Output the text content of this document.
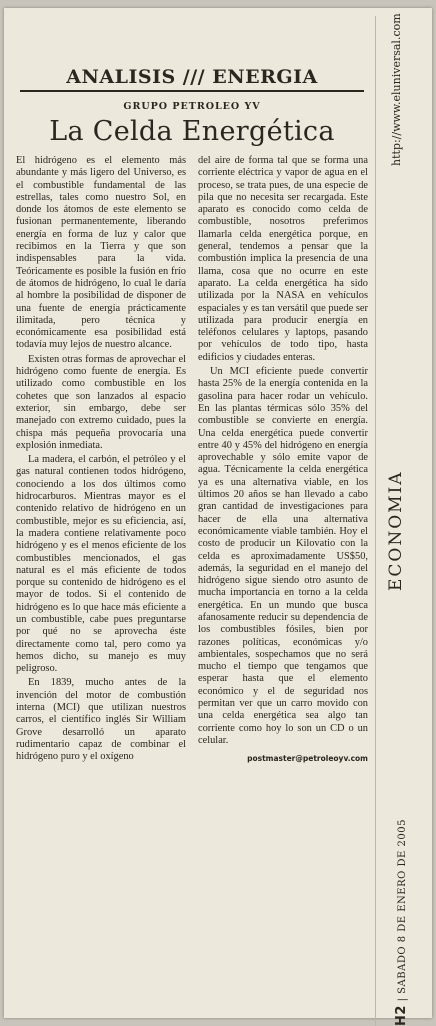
ANALISIS /// ENERGIA
GRUPO PETROLEO YV
La Celda Energética

El hidrógeno es el elemento más abundante y más ligero del Universo, es el combustible fundamental de las estrellas, tales como nuestro Sol, en donde los átomos de este elemento se fusionan permanentemente, liberando energía en forma de luz y calor que recibimos en la Tierra y que son indispensables para la vida. Teóricamente es posible la fusión en frío de átomos de hidrógeno, lo cual le daría al hombre la posibilidad de disponer de una fuente de energía prácticamente ilimitada, pero técnica y económicamente esa posibilidad está todavía muy lejos de nuestro alcance.

Existen otras formas de aprovechar el hidrógeno como fuente de energía. Es utilizado como combustible en los cohetes que son lanzados al espacio exterior, sin embargo, debe ser manejado con extremo cuidado, pues la chispa más pequeña provocaría una explosión inmediata.

La madera, el carbón, el petróleo y el gas natural contienen todos hidrógeno, conociendo a los dos últimos como hidrocarburos. Mientras mayor es el contenido relativo de hidrógeno en un combustible, mejor es su eficiencia, así, la madera contiene relativamente poco hidrógeno y es el menos eficiente de los combustibles mencionados, el gas natural es el más eficiente de todos porque su contenido de hidrógeno es el mayor de todos. Si el contenido de hidrógeno es lo que hace más eficiente a un combustible, cabe pues preguntarse por qué no se aprovecha éste directamente como tal, pero como ya hemos dicho, su manejo es muy peligroso.

En 1839, mucho antes de la invención del motor de combustión interna (MCI) que utilizan nuestros carros, el científico inglés Sir William Grove desarrolló un aparato rudimentario capaz de combinar el hidrógeno puro y el oxígeno

del aire de forma tal que se forma una corriente eléctrica y vapor de agua en el proceso, se trata pues, de una especie de pila que no necesita ser recargada. Este aparato es conocido como celda de combustible, nosotros preferimos llamarla celda energética porque, en general, tendemos a pensar que la combustión implica la presencia de una llama, cosa que no ocurre en este aparato. La celda energética ha sido utilizada por la NASA en vehículos espaciales y es tan versátil que puede ser utilizada para producir energía en teléfonos celulares y laptops, pasando por vehículos de todo tipo, hasta edificios y ciudades enteras.

Un MCI eficiente puede convertir hasta 25% de la energía contenida en la gasolina para hacer rodar un vehículo. En las plantas térmicas sólo 35% del combustible se convierte en energía. Una celda energética puede convertir entre 40 y 45% del hidrógeno en energía aprovechable y sólo emite vapor de agua. Técnicamente la celda energética ya es una alternativa viable, en los últimos 20 años se han llevado a cabo gran cantidad de investigaciones para hacer de ella una alternativa económicamente viable también. Hoy el costo de producir un Kilovatio con la celda es aproximadamente US$50, además, la seguridad en el manejo del hidrógeno sigue siendo otro asunto de mucha importancia en torno a la celda energética. En un mundo que busca afanosamente reducir su dependencia de los combustibles fósiles, bien por razones políticas, económicas y/o ambientales, sospechamos que no será mucho el tiempo que tengamos que esperar hasta que el elemento económico y el de seguridad nos permitan ver que un carro movido con una celda energética sea algo tan corriente como hoy lo son un CD o un celular.

postmaster@petroleoyv.com
http://www.eluniversal.com
ECONOMIA
H2 | SABADO 8 DE ENERO DE 2005
